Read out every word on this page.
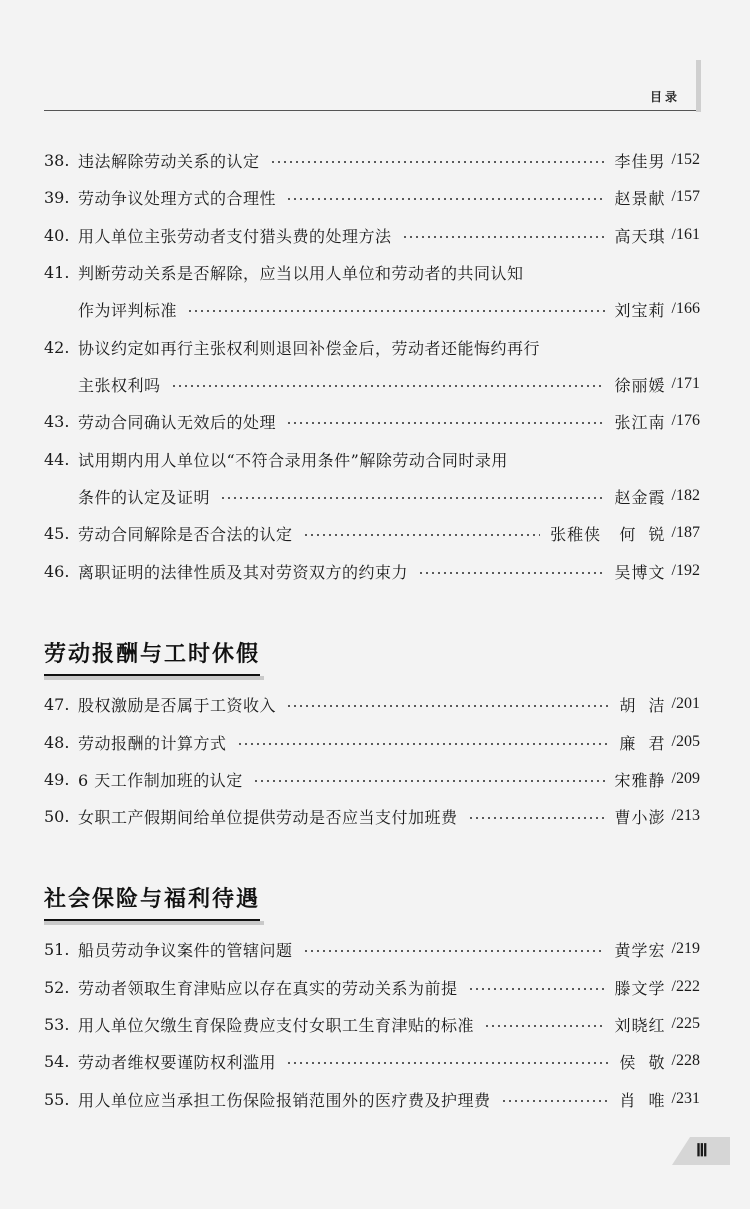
目录
38. 违法解除劳动关系的认定	李佳男 /152
39. 劳动争议处理方式的合理性	赵景献 /157
40. 用人单位主张劳动者支付猎头费的处理方法	高天琪 /161
41. 判断劳动关系是否解除，应当以用人单位和劳动者的共同认知
作为评判标准	刘宝莉 /166
42. 协议约定如再行主张权利则退回补偿金后，劳动者还能悔约再行
主张权利吗	徐丽媛 /171
43. 劳动合同确认无效后的处理	张江南 /176
44. 试用期内用人单位以“不符合录用条件”解除劳动合同时录用
条件的认定及证明	赵金霞 /182
45. 劳动合同解除是否合法的认定	张稚侠   何  锐 /187
46. 离职证明的法律性质及其对劳资双方的约束力	吴博文 /192
劳动报酬与工时休假
47. 股权激励是否属于工资收入	胡  洁 /201
48. 劳动报酬的计算方式	廉  君 /205
49. 6 天工作制加班的认定	宋雅静 /209
50. 女职工产假期间给单位提供劳动是否应当支付加班费	曹小澎 /213
社会保险与福利待遇
51. 船员劳动争议案件的管辖问题	黄学宏 /219
52. 劳动者领取生育津贴应以存在真实的劳动关系为前提	滕文学 /222
53. 用人单位欠缴生育保险费应支付女职工生育津贴的标准	刘晓红 /225
54. 劳动者维权要谨防权利滥用	侯  敬 /228
55. 用人单位应当承担工伤保险报销范围外的医疗费及护理费	肖  唯 /231
Ⅲ
